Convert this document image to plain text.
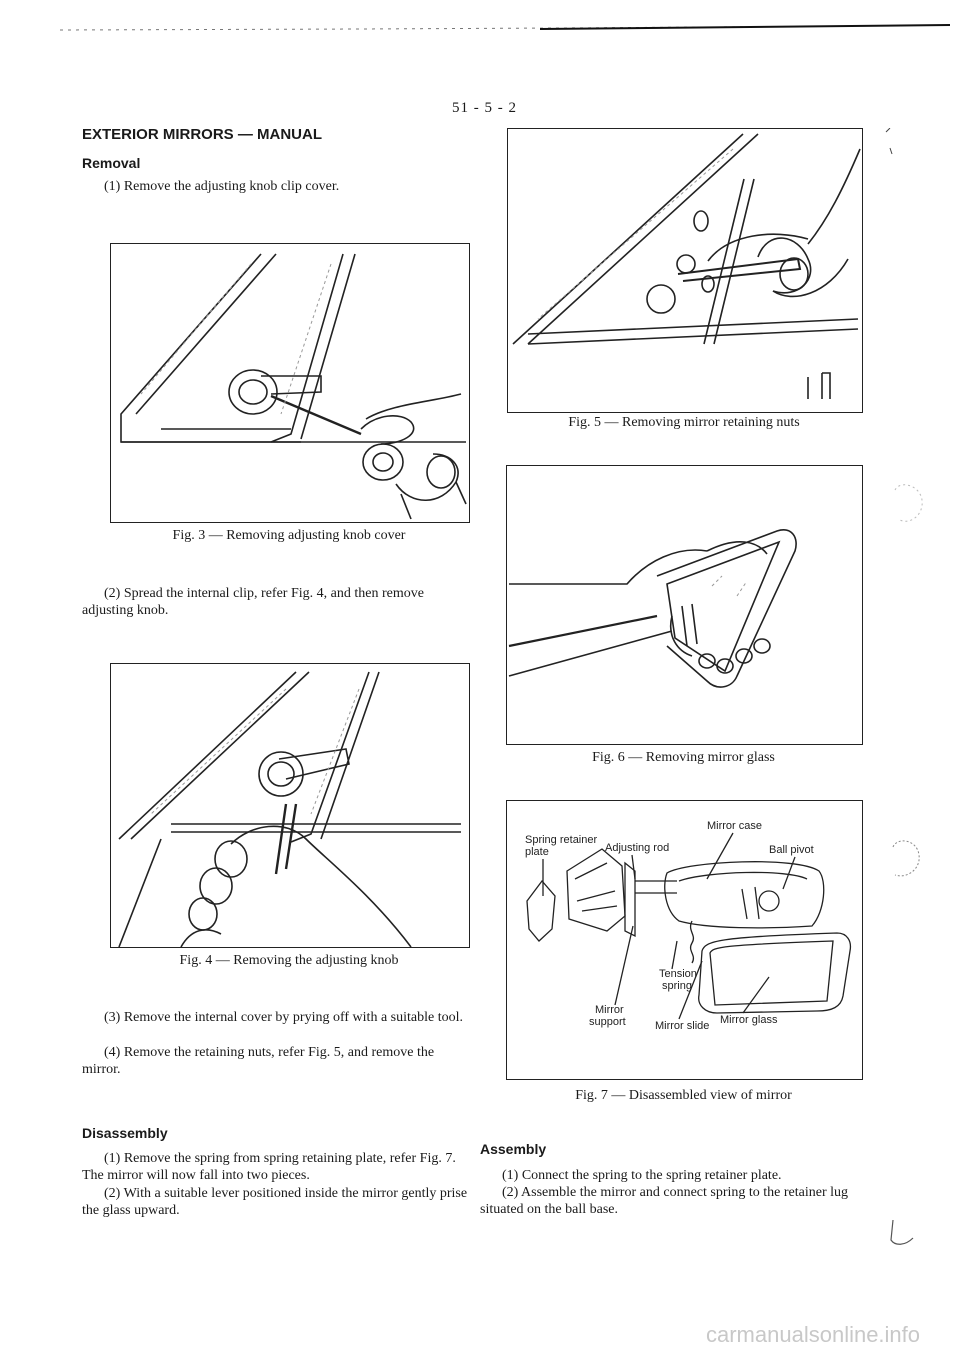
51 - 5 - 2
EXTERIOR MIRRORS — MANUAL
Removal
(1) Remove the adjusting knob clip cover.
Fig. 3 — Removing adjusting knob cover
(2) Spread the internal clip, refer Fig. 4, and then remove adjusting knob.
Fig. 4 — Removing the adjusting knob
(3) Remove the internal cover by prying off with a suitable tool.
(4) Remove the retaining nuts, refer Fig. 5, and remove the mirror.
Disassembly
(1) Remove the spring from spring retaining plate, refer Fig. 7. The mirror will now fall into two pieces.
(2) With a suitable lever positioned inside the mirror gently prise the glass upward.
Fig. 5 — Removing mirror retaining nuts
Fig. 6 — Removing mirror glass
Mirror case
Spring retainer
plate	Adjusting rod	Ball pivot
Tension
spring
Mirror
support	Mirror slide Mirror glass
Fig. 7 — Disassembled view of mirror
Assembly
(1) Connect the spring to the spring retainer plate.
(2) Assemble the mirror and connect spring to the retainer lug situated on the ball base.
carmanualsonline.info
